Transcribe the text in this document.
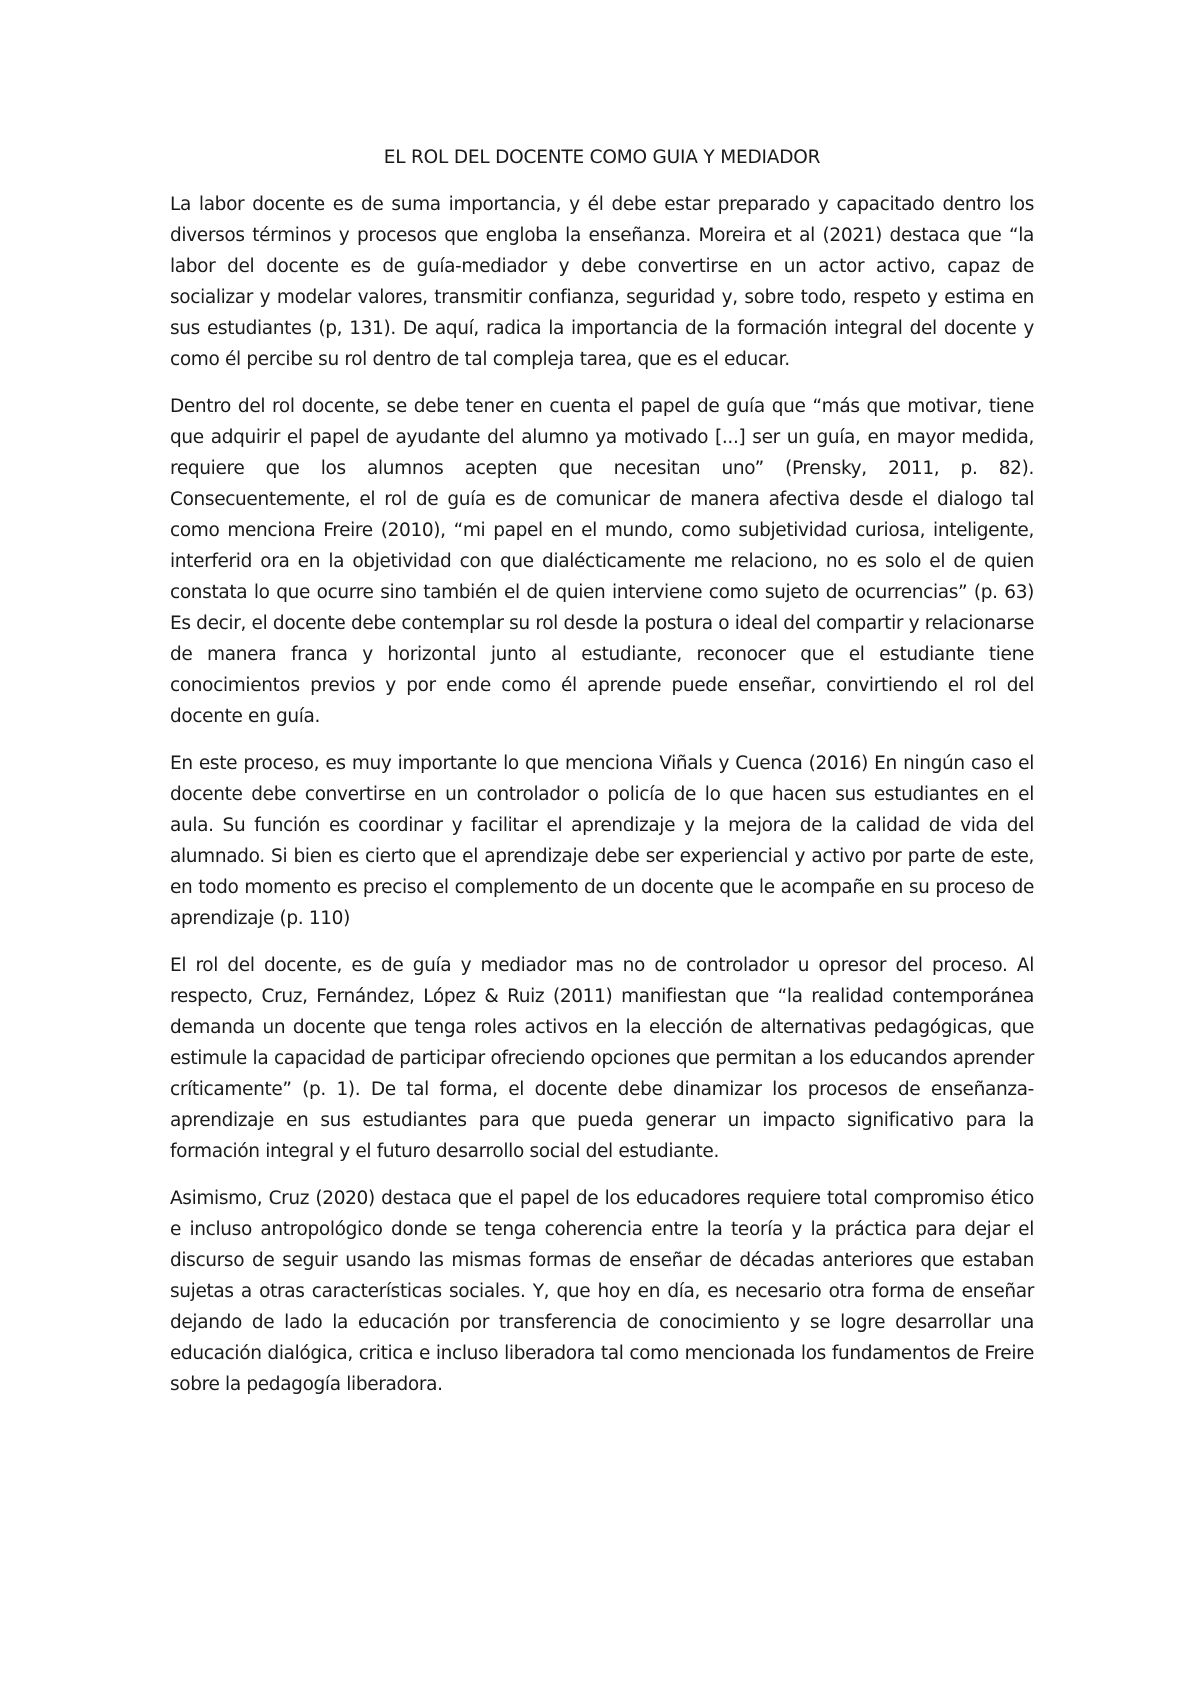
EL ROL DEL DOCENTE COMO GUIA Y MEDIADOR

La labor docente es de suma importancia, y él debe estar preparado y capacitado dentro los diversos términos y procesos que engloba la enseñanza. Moreira et al (2021) destaca que “la labor del docente es de guía-mediador y debe convertirse en un actor activo, capaz de socializar y modelar valores, transmitir confianza, seguridad y, sobre todo, respeto y estima en sus estudiantes (p, 131). De aquí, radica la importancia de la formación integral del docente y como él percibe su rol dentro de tal compleja tarea, que es el educar.

Dentro del rol docente, se debe tener en cuenta el papel de guía que “más que motivar, tiene que adquirir el papel de ayudante del alumno ya motivado [...] ser un guía, en mayor medida, requiere que los alumnos acepten que necesitan uno” (Prensky, 2011, p. 82). Consecuentemente, el rol de guía es de comunicar de manera afectiva desde el dialogo tal como menciona Freire (2010), “mi papel en el mundo, como subjetividad curiosa, inteligente, interferid ora en la objetividad con que dialécticamente me relaciono, no es solo el de quien constata lo que ocurre sino también el de quien interviene como sujeto de ocurrencias” (p. 63) Es decir, el docente debe contemplar su rol desde la postura o ideal del compartir y relacionarse de manera franca y horizontal junto al estudiante, reconocer que el estudiante tiene conocimientos previos y por ende como él aprende puede enseñar, convirtiendo el rol del docente en guía.

En este proceso, es muy importante lo que menciona Viñals y Cuenca (2016) En ningún caso el docente debe convertirse en un controlador o policía de lo que hacen sus estudiantes en el aula. Su función es coordinar y facilitar el aprendizaje y la mejora de la calidad de vida del alumnado. Si bien es cierto que el aprendizaje debe ser experiencial y activo por parte de este, en todo momento es preciso el complemento de un docente que le acompañe en su proceso de aprendizaje (p. 110)

El rol del docente, es de guía y mediador mas no de controlador u opresor del proceso. Al respecto, Cruz, Fernández, López & Ruiz (2011) manifiestan que “la realidad contemporánea demanda un docente que tenga roles activos en la elección de alternativas pedagógicas, que estimule la capacidad de participar ofreciendo opciones que permitan a los educandos aprender críticamente” (p. 1). De tal forma, el docente debe dinamizar los procesos de enseñanza-aprendizaje en sus estudiantes para que pueda generar un impacto significativo para la formación integral y el futuro desarrollo social del estudiante.

Asimismo, Cruz (2020) destaca que el papel de los educadores requiere total compromiso ético e incluso antropológico donde se tenga coherencia entre la teoría y la práctica para dejar el discurso de seguir usando las mismas formas de enseñar de décadas anteriores que estaban sujetas a otras características sociales. Y, que hoy en día, es necesario otra forma de enseñar dejando de lado la educación por transferencia de conocimiento y se logre desarrollar una educación dialógica, critica e incluso liberadora tal como mencionada los fundamentos de Freire sobre la pedagogía liberadora.
